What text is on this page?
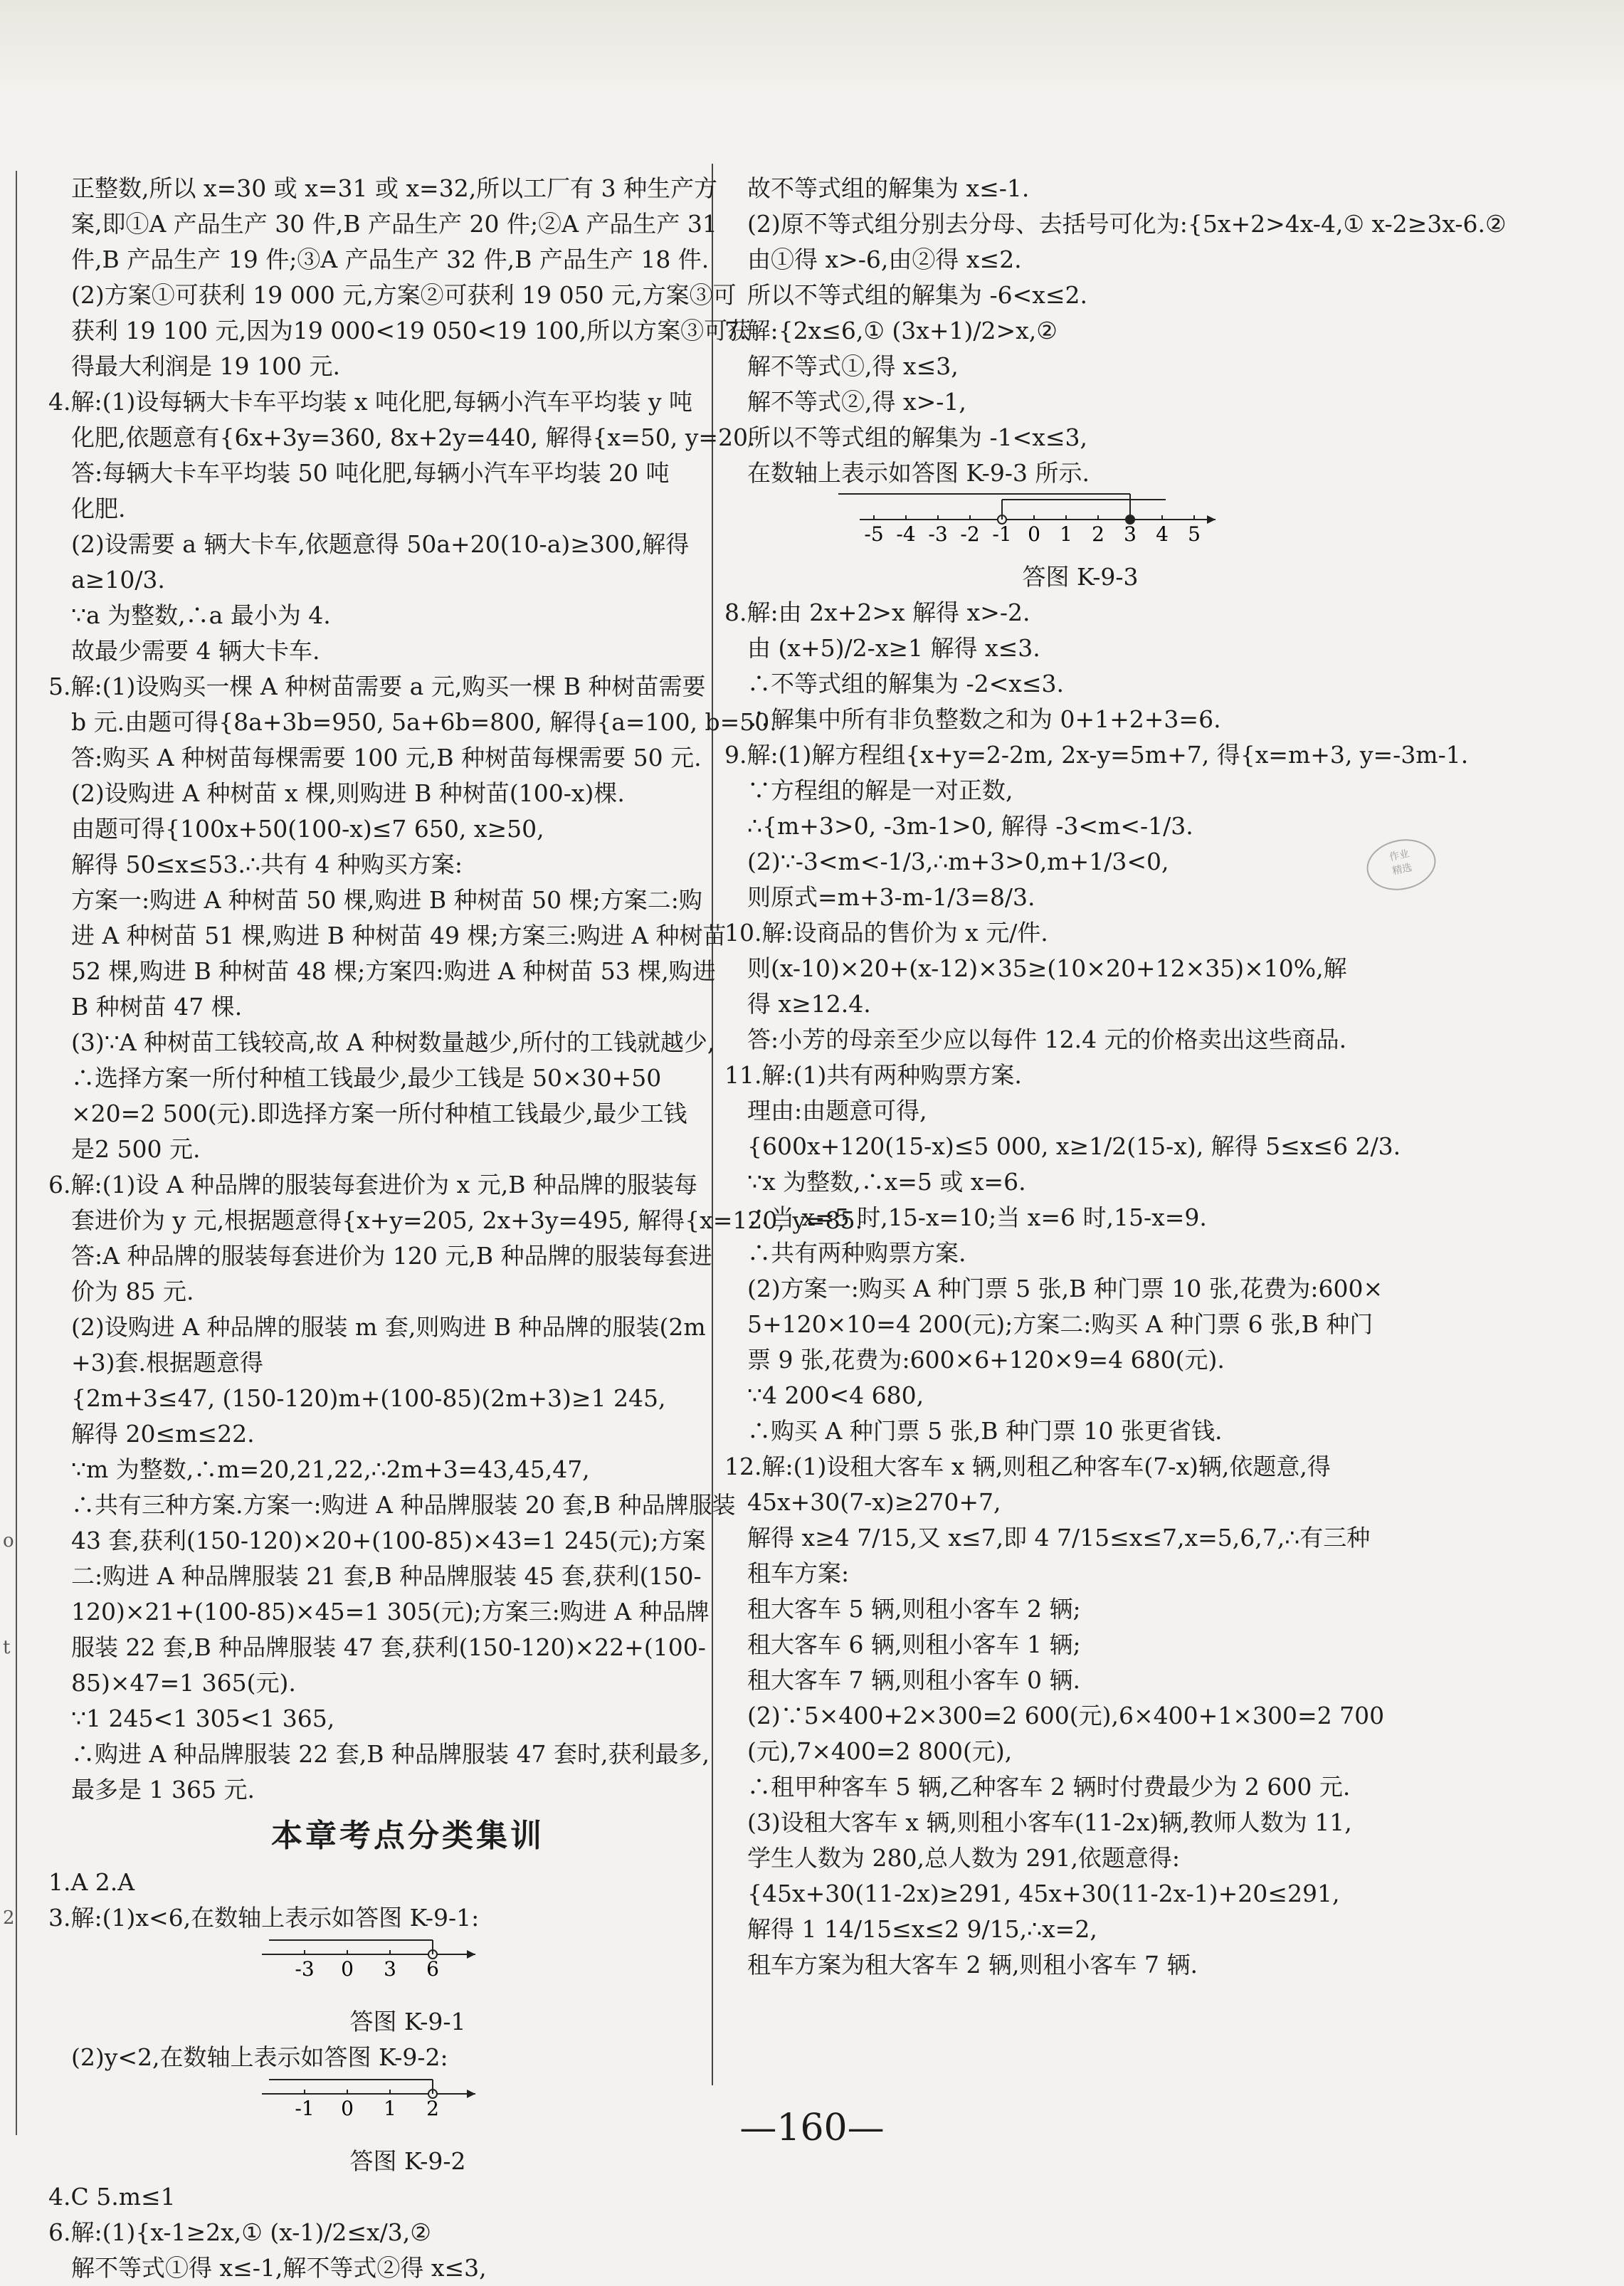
正整数,所以 x=30 或 x=31 或 x=32,所以工厂有 3 种生产方
案,即①A 产品生产 30 件,B 产品生产 20 件;②A 产品生产 31
件,B 产品生产 19 件;③A 产品生产 32 件,B 产品生产 18 件.
(2)方案①可获利 19 000 元,方案②可获利 19 050 元,方案③可
获利 19 100 元,因为19 000<19 050<19 100,所以方案③可获
得最大利润是 19 100 元.
4.解:(1)设每辆大卡车平均装 x 吨化肥,每辆小汽车平均装 y 吨
化肥,依题意有{6x+3y=360, 8x+2y=440, 解得{x=50, y=20.
答:每辆大卡车平均装 50 吨化肥,每辆小汽车平均装 20 吨
化肥.
(2)设需要 a 辆大卡车,依题意得 50a+20(10-a)≥300,解得
a≥10/3.
∵a 为整数,∴a 最小为 4.
故最少需要 4 辆大卡车.
5.解:(1)设购买一棵 A 种树苗需要 a 元,购买一棵 B 种树苗需要
b 元.由题可得{8a+3b=950, 5a+6b=800, 解得{a=100, b=50.
答:购买 A 种树苗每棵需要 100 元,B 种树苗每棵需要 50 元.
(2)设购进 A 种树苗 x 棵,则购进 B 种树苗(100-x)棵.
由题可得{100x+50(100-x)≤7 650, x≥50,
解得 50≤x≤53.∴共有 4 种购买方案:
方案一:购进 A 种树苗 50 棵,购进 B 种树苗 50 棵;方案二:购
进 A 种树苗 51 棵,购进 B 种树苗 49 棵;方案三:购进 A 种树苗
52 棵,购进 B 种树苗 48 棵;方案四:购进 A 种树苗 53 棵,购进
B 种树苗 47 棵.
(3)∵A 种树苗工钱较高,故 A 种树数量越少,所付的工钱就越少,
∴选择方案一所付种植工钱最少,最少工钱是 50×30+50
×20=2 500(元).即选择方案一所付种植工钱最少,最少工钱
是2 500 元.
6.解:(1)设 A 种品牌的服装每套进价为 x 元,B 种品牌的服装每
套进价为 y 元,根据题意得{x+y=205, 2x+3y=495, 解得{x=120, y=85.
答:A 种品牌的服装每套进价为 120 元,B 种品牌的服装每套进
价为 85 元.
(2)设购进 A 种品牌的服装 m 套,则购进 B 种品牌的服装(2m
+3)套.根据题意得
{2m+3≤47, (150-120)m+(100-85)(2m+3)≥1 245,
解得 20≤m≤22.
∵m 为整数,∴m=20,21,22,∴2m+3=43,45,47,
∴共有三种方案.方案一:购进 A 种品牌服装 20 套,B 种品牌服装
43 套,获利(150-120)×20+(100-85)×43=1 245(元);方案
二:购进 A 种品牌服装 21 套,B 种品牌服装 45 套,获利(150-
120)×21+(100-85)×45=1 305(元);方案三:购进 A 种品牌
服装 22 套,B 种品牌服装 47 套,获利(150-120)×22+(100-
85)×47=1 365(元).
∵1 245<1 305<1 365,
∴购进 A 种品牌服装 22 套,B 种品牌服装 47 套时,获利最多,
最多是 1 365 元.
本章考点分类集训
1.A 2.A
3.解:(1)x<6,在数轴上表示如答图 K-9-1:
-3 0 3 6
答图 K-9-1
(2)y<2,在数轴上表示如答图 K-9-2:
-1 0 1 2
答图 K-9-2
4.C 5.m≤1
6.解:(1){x-1≥2x,① (x-1)/2≤x/3,②
解不等式①得 x≤-1,解不等式②得 x≤3,
故不等式组的解集为 x≤-1.
(2)原不等式组分别去分母、去括号可化为:{5x+2>4x-4,① x-2≥3x-6.②
由①得 x>-6,由②得 x≤2.
所以不等式组的解集为 -6<x≤2.
7.解:{2x≤6,① (3x+1)/2>x,②
解不等式①,得 x≤3,
解不等式②,得 x>-1,
所以不等式组的解集为 -1<x≤3,
在数轴上表示如答图 K-9-3 所示.
-5 -4 -3 -2 -1 0 1 2 3 4 5
答图 K-9-3
8.解:由 2x+2>x 解得 x>-2.
由 (x+5)/2-x≥1 解得 x≤3.
∴不等式组的解集为 -2<x≤3.
∴解集中所有非负整数之和为 0+1+2+3=6.
9.解:(1)解方程组{x+y=2-2m, 2x-y=5m+7, 得{x=m+3, y=-3m-1.
∵方程组的解是一对正数,
∴{m+3>0, -3m-1>0, 解得 -3<m<-1/3.
(2)∵-3<m<-1/3,∴m+3>0,m+1/3<0,
则原式=m+3-m-1/3=8/3.
10.解:设商品的售价为 x 元/件.
则(x-10)×20+(x-12)×35≥(10×20+12×35)×10%,解
得 x≥12.4.
答:小芳的母亲至少应以每件 12.4 元的价格卖出这些商品.
11.解:(1)共有两种购票方案.
理由:由题意可得,
{600x+120(15-x)≤5 000, x≥1/2(15-x), 解得 5≤x≤6 2/3.
∵x 为整数,∴x=5 或 x=6.
∴当 x=5 时,15-x=10;当 x=6 时,15-x=9.
∴共有两种购票方案.
(2)方案一:购买 A 种门票 5 张,B 种门票 10 张,花费为:600×
5+120×10=4 200(元);方案二:购买 A 种门票 6 张,B 种门
票 9 张,花费为:600×6+120×9=4 680(元).
∵4 200<4 680,
∴购买 A 种门票 5 张,B 种门票 10 张更省钱.
12.解:(1)设租大客车 x 辆,则租乙种客车(7-x)辆,依题意,得
45x+30(7-x)≥270+7,
解得 x≥4 7/15,又 x≤7,即 4 7/15≤x≤7,x=5,6,7,∴有三种
租车方案:
租大客车 5 辆,则租小客车 2 辆;
租大客车 6 辆,则租小客车 1 辆;
租大客车 7 辆,则租小客车 0 辆.
(2)∵5×400+2×300=2 600(元),6×400+1×300=2 700
(元),7×400=2 800(元),
∴租甲种客车 5 辆,乙种客车 2 辆时付费最少为 2 600 元.
(3)设租大客车 x 辆,则租小客车(11-2x)辆,教师人数为 11,
学生人数为 280,总人数为 291,依题意得:
{45x+30(11-2x)≥291, 45x+30(11-2x-1)+20≤291,
解得 1 14/15≤x≤2 9/15,∴x=2,
租车方案为租大客车 2 辆,则租小客车 7 辆.
作业
精选
o
t
2
—160—
